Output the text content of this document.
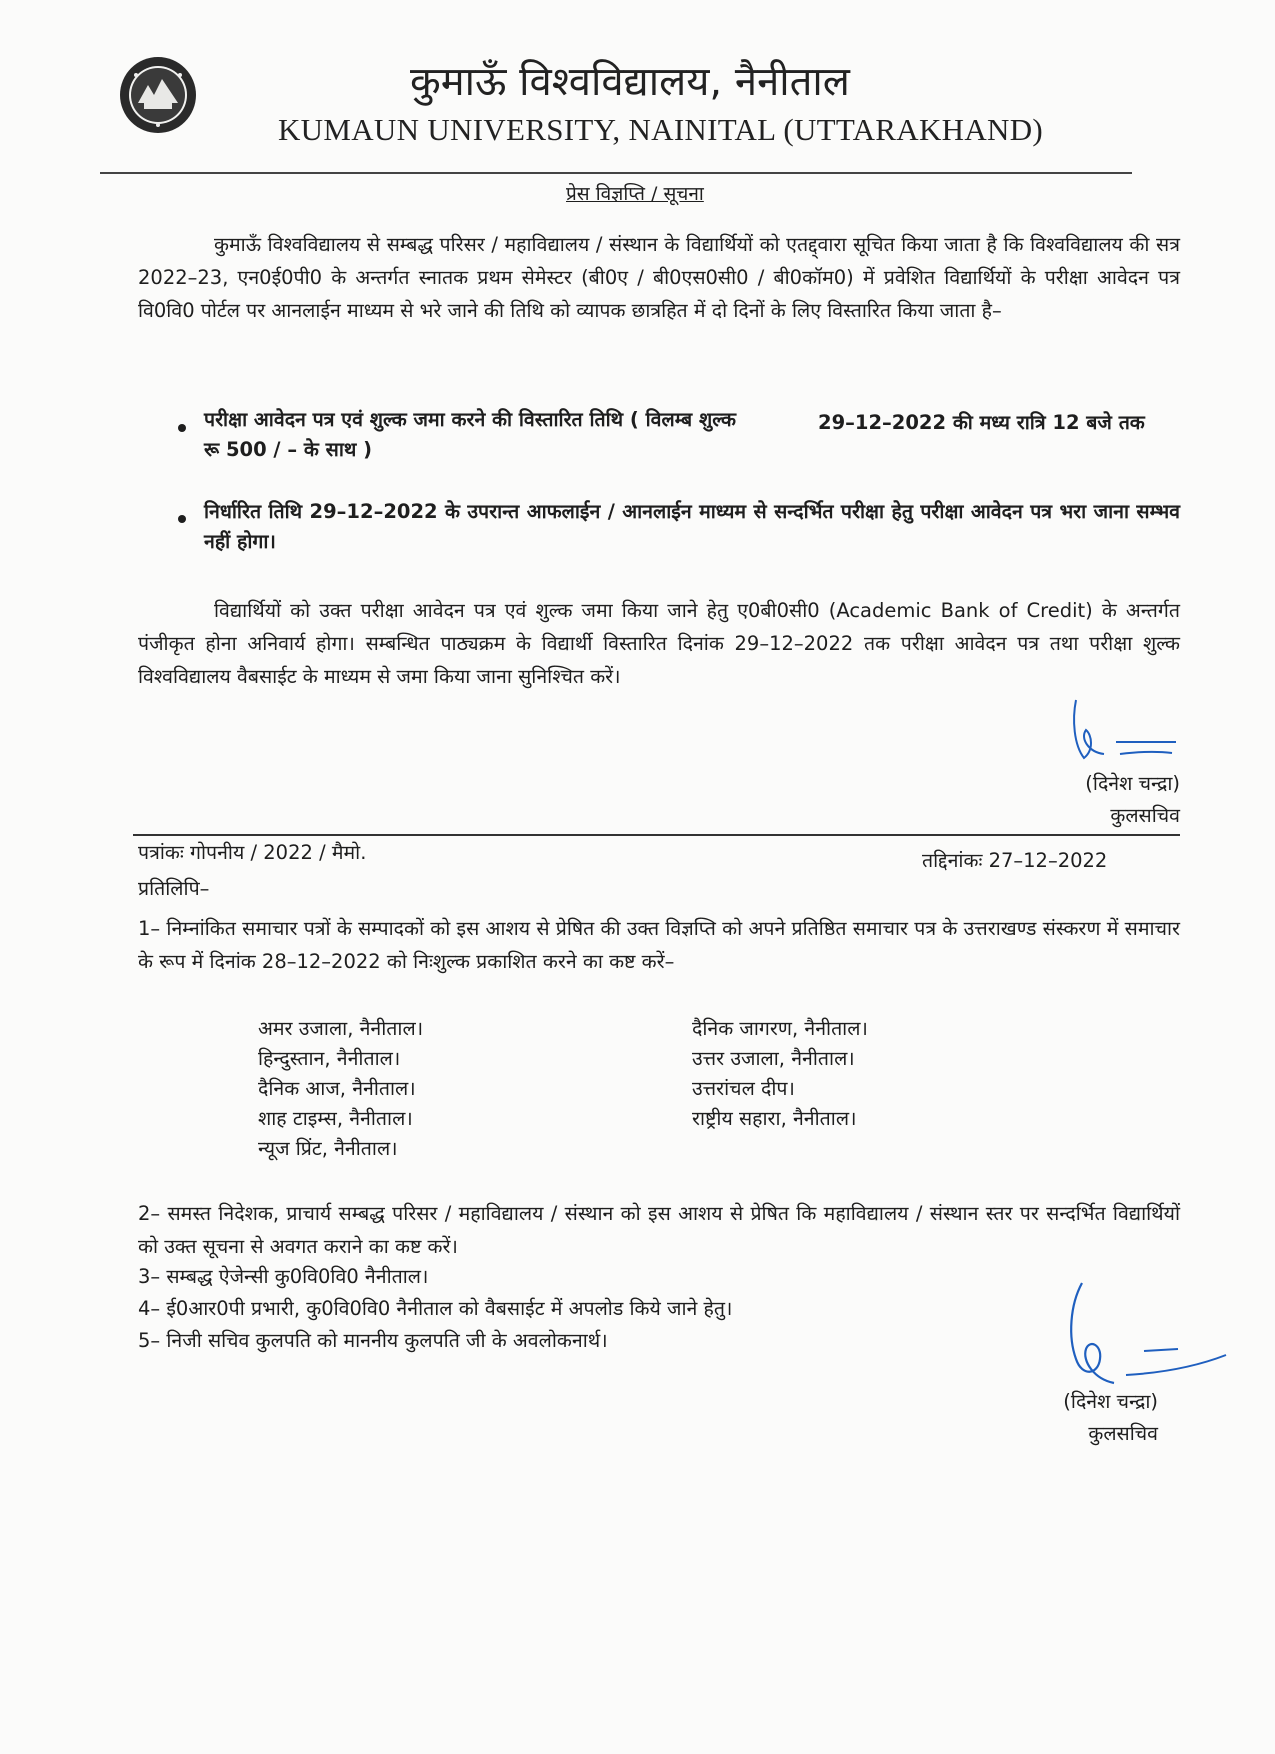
कुमाऊँ विश्वविद्यालय, नैनीताल
KUMAUN UNIVERSITY, NAINITAL (UTTARAKHAND)
प्रेस विज्ञप्ति / सूचना
कुमाऊँ विश्वविद्यालय से सम्बद्ध परिसर / महाविद्यालय / संस्थान के विद्यार्थियों को एतद्द्वारा सूचित किया जाता है कि विश्वविद्यालय की सत्र 2022–23, एन0ई0पी0 के अन्तर्गत स्नातक प्रथम सेमेस्टर (बी0ए / बी0एस0सी0 / बी0कॉम0) में प्रवेशित विद्यार्थियों के परीक्षा आवेदन पत्र वि0वि0 पोर्टल पर आनलाईन माध्यम से भरे जाने की तिथि को व्यापक छात्रहित में दो दिनों के लिए विस्तारित किया जाता है–
परीक्षा आवेदन पत्र एवं शुल्क जमा करने की विस्तारित तिथि ( विलम्ब शुल्क रू 500 / – के साथ )
29–12–2022 की मध्य रात्रि 12 बजे तक
निर्धारित तिथि 29–12–2022 के उपरान्त आफलाईन / आनलाईन माध्यम से सन्दर्भित परीक्षा हेतु परीक्षा आवेदन पत्र भरा जाना सम्भव नहीं होगा।
विद्यार्थियों को उक्त परीक्षा आवेदन पत्र एवं शुल्क जमा किया जाने हेतु ए0बी0सी0 (Academic Bank of Credit) के अन्तर्गत पंजीकृत होना अनिवार्य होगा। सम्बन्धित पाठ्यक्रम के विद्यार्थी विस्तारित दिनांक 29–12–2022 तक परीक्षा आवेदन पत्र तथा परीक्षा शुल्क विश्वविद्यालय वैबसाईट के माध्यम से जमा किया जाना सुनिश्चित करें।
(दिनेश चन्द्रा)
कुलसचिव
पत्रांकः गोपनीय / 2022 / मैमो.	तद्दिनांकः 27–12–2022
प्रतिलिपि–
1– निम्नांकित समाचार पत्रों के सम्पादकों को इस आशय से प्रेषित की उक्त विज्ञप्ति को अपने प्रतिष्ठित समाचार पत्र के उत्तराखण्ड संस्करण में समाचार के रूप में दिनांक 28–12–2022 को निःशुल्क प्रकाशित करने का कष्ट करें–
अमर उजाला, नैनीताल।
हिन्दुस्तान, नैनीताल।
दैनिक आज, नैनीताल।
शाह टाइम्स, नैनीताल।
न्यूज प्रिंट, नैनीताल।
दैनिक जागरण, नैनीताल।
उत्तर उजाला, नैनीताल।
उत्तरांचल दीप।
राष्ट्रीय सहारा, नैनीताल।
2– समस्त निदेशक, प्राचार्य सम्बद्ध परिसर / महाविद्यालय / संस्थान को इस आशय से प्रेषित कि महाविद्यालय / संस्थान स्तर पर सन्दर्भित विद्यार्थियों को उक्त सूचना से अवगत कराने का कष्ट करें।
3– सम्बद्ध ऐजेन्सी कु0वि0वि0 नैनीताल।
4– ई0आर0पी प्रभारी, कु0वि0वि0 नैनीताल को वैबसाईट में अपलोड किये जाने हेतु।
5– निजी सचिव कुलपति को माननीय कुलपति जी के अवलोकनार्थ।
(दिनेश चन्द्रा)
कुलसचिव
